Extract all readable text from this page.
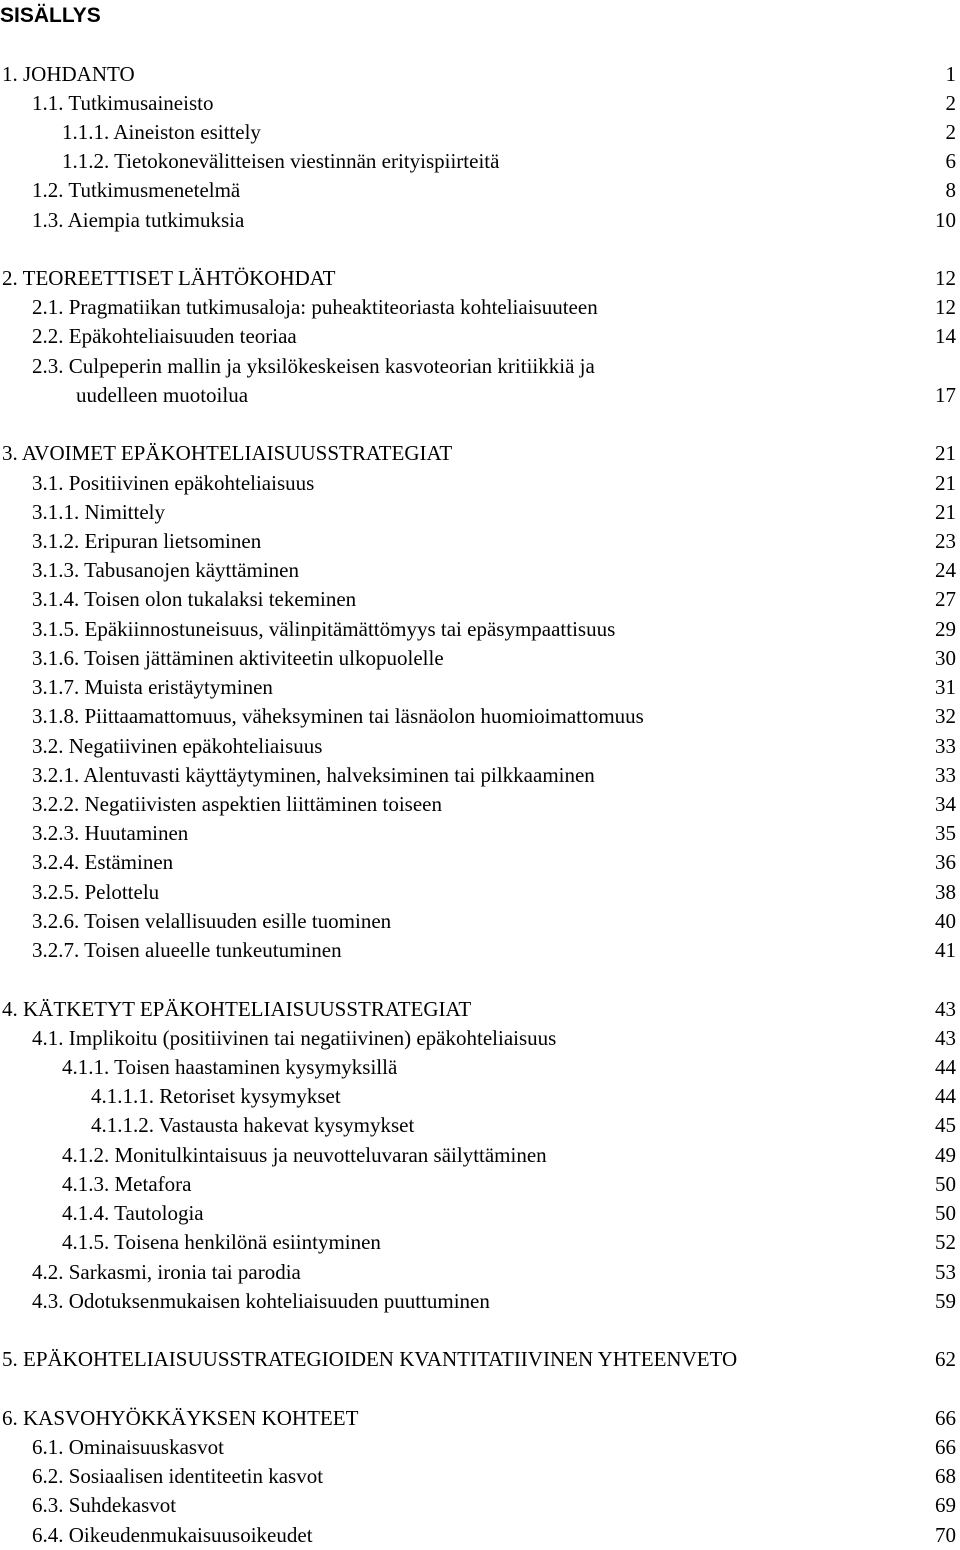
SISÄLLYS
1. JOHDANTO	1
1.1. Tutkimusaineisto	2
1.1.1. Aineiston esittely	2
1.1.2. Tietokonevälitteisen viestinnän erityispiirteitä	6
1.2. Tutkimusmenetelmä	8
1.3. Aiempia tutkimuksia	10
2. TEOREETTISET LÄHTÖKOHDAT	12
2.1. Pragmatiikan tutkimusaloja: puheaktiteoriasta kohteliaisuuteen	12
2.2. Epäkohteliaisuuden teoriaa	14
2.3. Culpeperin mallin ja yksilökeskeisen kasvoteorian kritiikkiä ja
uudelleen muotoilua	17
3. AVOIMET EPÄKOHTELIAISUUSSTRATEGIAT	21
3.1. Positiivinen epäkohteliaisuus	21
3.1.1. Nimittely	21
3.1.2. Eripuran lietsominen	23
3.1.3. Tabusanojen käyttäminen	24
3.1.4. Toisen olon tukalaksi tekeminen	27
3.1.5. Epäkiinnostuneisuus, välinpitämättömyys tai epäsympaattisuus	29
3.1.6. Toisen jättäminen aktiviteetin ulkopuolelle	30
3.1.7. Muista eristäytyminen	31
3.1.8. Piittaamattomuus, väheksyminen tai läsnäolon huomioimattomuus	32
3.2. Negatiivinen epäkohteliaisuus	33
3.2.1. Alentuvasti käyttäytyminen, halveksiminen tai pilkkaaminen	33
3.2.2. Negatiivisten aspektien liittäminen toiseen	34
3.2.3. Huutaminen	35
3.2.4. Estäminen	36
3.2.5. Pelottelu	38
3.2.6. Toisen velallisuuden esille tuominen	40
3.2.7. Toisen alueelle tunkeutuminen	41
4. KÄTKETYT EPÄKOHTELIAISUUSSTRATEGIAT	43
4.1. Implikoitu (positiivinen tai negatiivinen) epäkohteliaisuus	43
4.1.1. Toisen haastaminen kysymyksillä	44
4.1.1.1. Retoriset kysymykset	44
4.1.1.2. Vastausta hakevat kysymykset	45
4.1.2. Monitulkintaisuus ja neuvotteluvaran säilyttäminen	49
4.1.3. Metafora	50
4.1.4. Tautologia	50
4.1.5. Toisena henkilönä esiintyminen	52
4.2. Sarkasmi, ironia tai parodia	53
4.3. Odotuksenmukaisen kohteliaisuuden puuttuminen	59
5. EPÄKOHTELIAISUUSSTRATEGIOIDEN KVANTITATIIVINEN YHTEENVETO	62
6. KASVOHYÖKKÄYKSEN KOHTEET	66
6.1. Ominaisuuskasvot	66
6.2. Sosiaalisen identiteetin kasvot	68
6.3. Suhdekasvot	69
6.4. Oikeudenmukaisuusoikeudet	70
